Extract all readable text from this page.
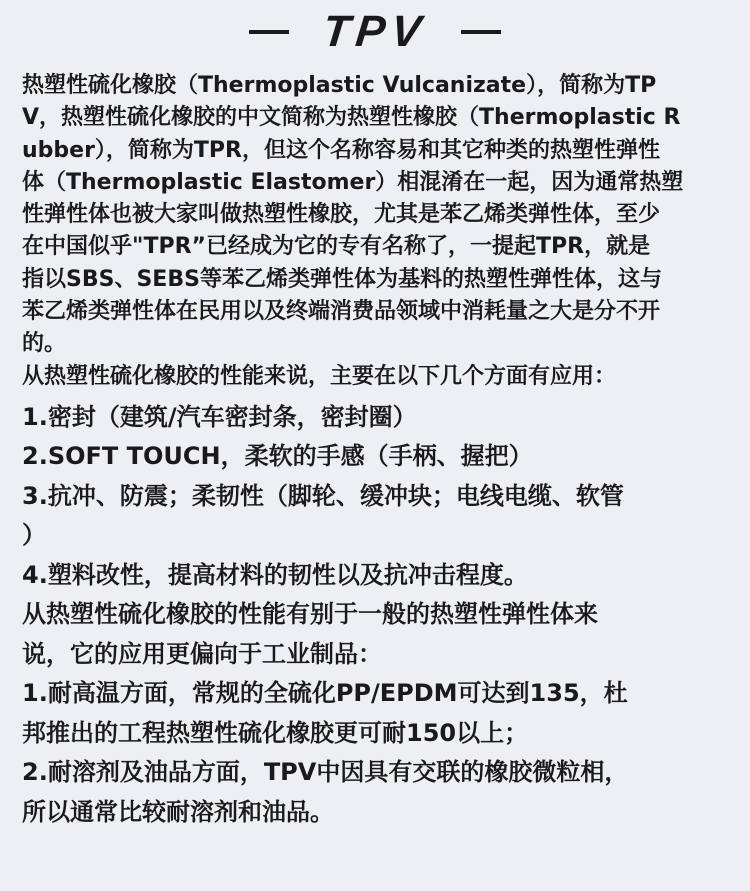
TPV

热塑性硫化橡胶（Thermoplastic Vulcanizate），简称为TP
V，热塑性硫化橡胶的中文简称为热塑性橡胶（Thermoplastic R
ubber），简称为TPR，但这个名称容易和其它种类的热塑性弹性
体（Thermoplastic Elastomer）相混淆在一起，因为通常热塑
性弹性体也被大家叫做热塑性橡胶，尤其是苯乙烯类弹性体，至少
在中国似乎"TPR”已经成为它的专有名称了，一提起TPR，就是
指以SBS、SEBS等苯乙烯类弹性体为基料的热塑性弹性体，这与
苯乙烯类弹性体在民用以及终端消费品领域中消耗量之大是分不开
的。

从热塑性硫化橡胶的性能来说，主要在以下几个方面有应用：

1.密封（建筑/汽车密封条，密封圈）

2.SOFT TOUCH，柔软的手感（手柄、握把）

3.抗冲、防震；柔韧性（脚轮、缓冲块；电线电缆、软管
）

4.塑料改性，提高材料的韧性以及抗冲击程度。

从热塑性硫化橡胶的性能有别于一般的热塑性弹性体来
说，它的应用更偏向于工业制品：

1.耐高温方面，常规的全硫化PP/EPDM可达到135，杜
邦推出的工程热塑性硫化橡胶更可耐150以上；

2.耐溶剂及油品方面，TPV中因具有交联的橡胶微粒相，
所以通常比较耐溶剂和油品。
